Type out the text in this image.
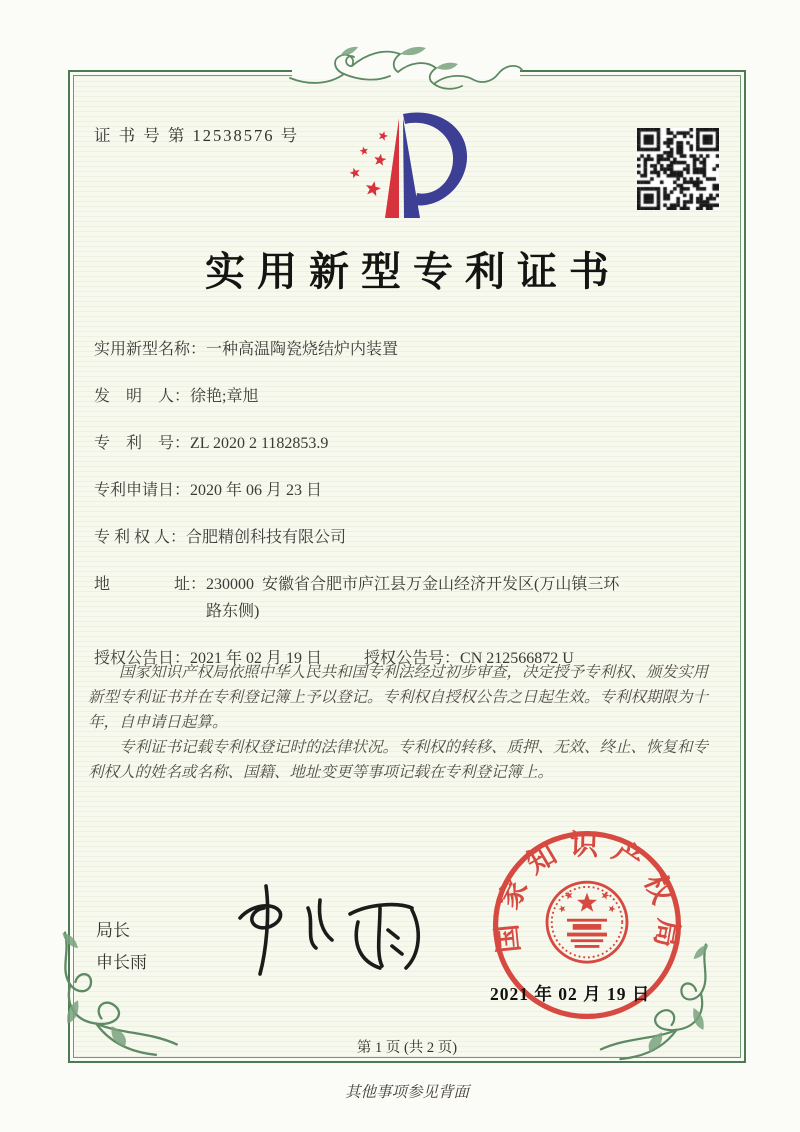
证 书 号 第 12538576 号
实用新型专利证书
实用新型名称： 一种高温陶瓷烧结炉内装置
发　明　人： 徐艳;章旭
专　利　号： ZL 2020 2 1182853.9
专利申请日： 2020 年 06 月 23 日
专 利 权 人： 合肥精创科技有限公司
地　　　　址： 230000  安徽省合肥市庐江县万金山经济开发区(万山镇三环路东侧)
授权公告日： 2021 年 02 月 19 日	授权公告号： CN 212566872 U

国家知识产权局依照中华人民共和国专利法经过初步审查，决定授予专利权、颁发实用新型专利证书并在专利登记簿上予以登记。专利权自授权公告之日起生效。专利权期限为十年，自申请日起算。

专利证书记载专利权登记时的法律状况。专利权的转移、质押、无效、终止、恢复和专利权人的姓名或名称、国籍、地址变更等事项记载在专利登记簿上。

局长
申长雨
国家知识产权局
2021 年 02 月 19 日
第 1 页 (共 2 页)
其他事项参见背面
